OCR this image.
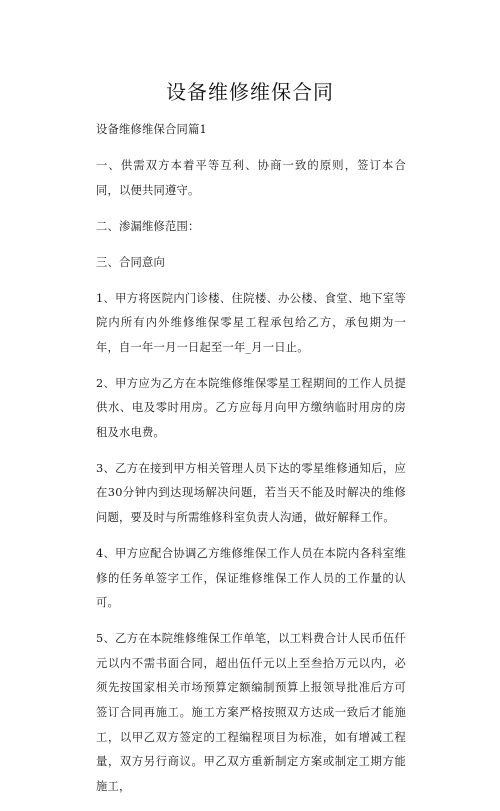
设备维修维保合同

设备维修维保合同篇1

一、供需双方本着平等互利、协商一致的原则，签订本合同，以便共同遵守。

二、渗漏维修范围：

三、合同意向

1、甲方将医院内门诊楼、住院楼、办公楼、食堂、地下室等院内所有内外维修维保零星工程承包给乙方，承包期为一年，自一年一月一日起至一年_月一日止。

2、甲方应为乙方在本院维修维保零星工程期间的工作人员提供水、电及零时用房。乙方应每月向甲方缴纳临时用房的房租及水电费。

3、乙方在接到甲方相关管理人员下达的零星维修通知后，应在30分钟内到达现场解决问题，若当天不能及时解决的维修问题，要及时与所需维修科室负责人沟通，做好解释工作。

4、甲方应配合协调乙方维修维保工作人员在本院内各科室维修的任务单签字工作，保证维修维保工作人员的工作量的认可。

5、乙方在本院维修维保工作单笔，以工料费合计人民币伍仟元以内不需书面合同，超出伍仟元以上至叁拾万元以内，必须先按国家相关市场预算定额编制预算上报领导批准后方可签订合同再施工。施工方案严格按照双方达成一致后才能施工，以甲乙双方签定的工程编程项目为标准，如有增减工程量，双方另行商议。甲乙双方重新制定方案或制定工期方能施工，
